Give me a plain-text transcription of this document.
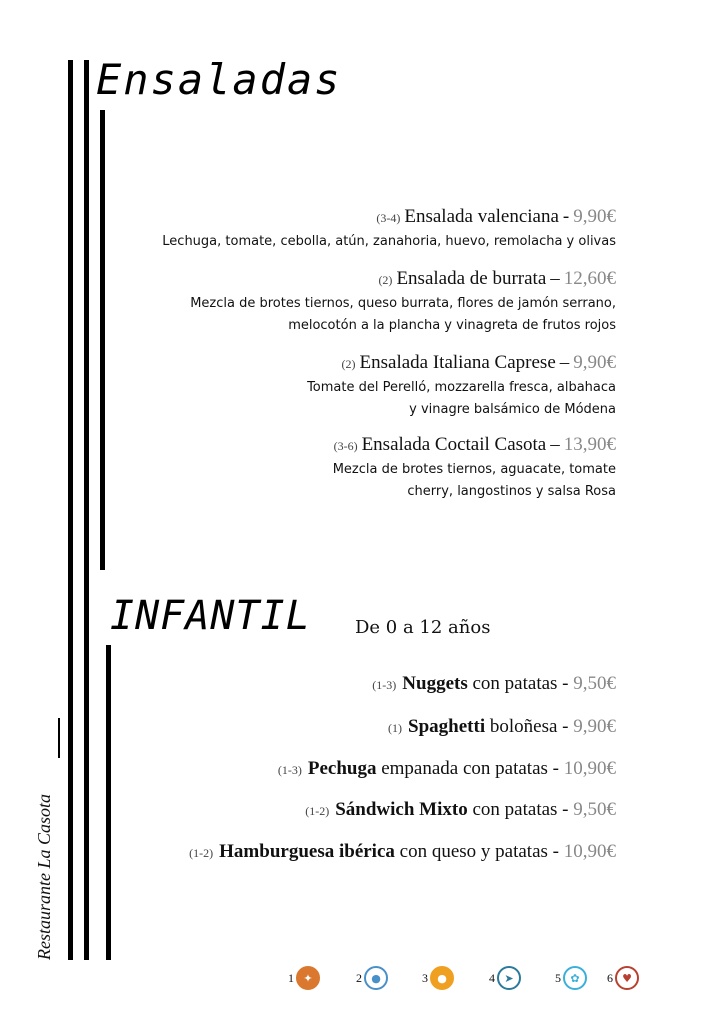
Restaurante La Casota
Ensaladas
(3-4) Ensalada valenciana - 9,90€
Lechuga, tomate, cebolla, atún, zanahoria, huevo, remolacha y olivas
(2) Ensalada de burrata – 12,60€
Mezcla de brotes tiernos, queso burrata, flores de jamón serrano,
melocotón a la plancha y vinagreta de frutos rojos
(2) Ensalada Italiana Caprese – 9,90€
Tomate del Perelló, mozzarella fresca, albahaca
y vinagre balsámico de Módena
(3-6) Ensalada Coctail Casota – 13,90€
Mezcla de brotes tiernos, aguacate, tomate
cherry, langostinos y salsa Rosa
INFANTIL De 0 a 12 años
(1-3) Nuggets con patatas - 9,50€
(1) Spaghetti boloñesa - 9,90€
(1-3) Pechuga empanada con patatas - 10,90€
(1-2) Sándwich Mixto con patatas - 9,50€
(1-2) Hamburguesa ibérica con queso y patatas - 10,90€
1 ✦	2 ●	3 ●	4 ➤	5 ✿	6 ♥
